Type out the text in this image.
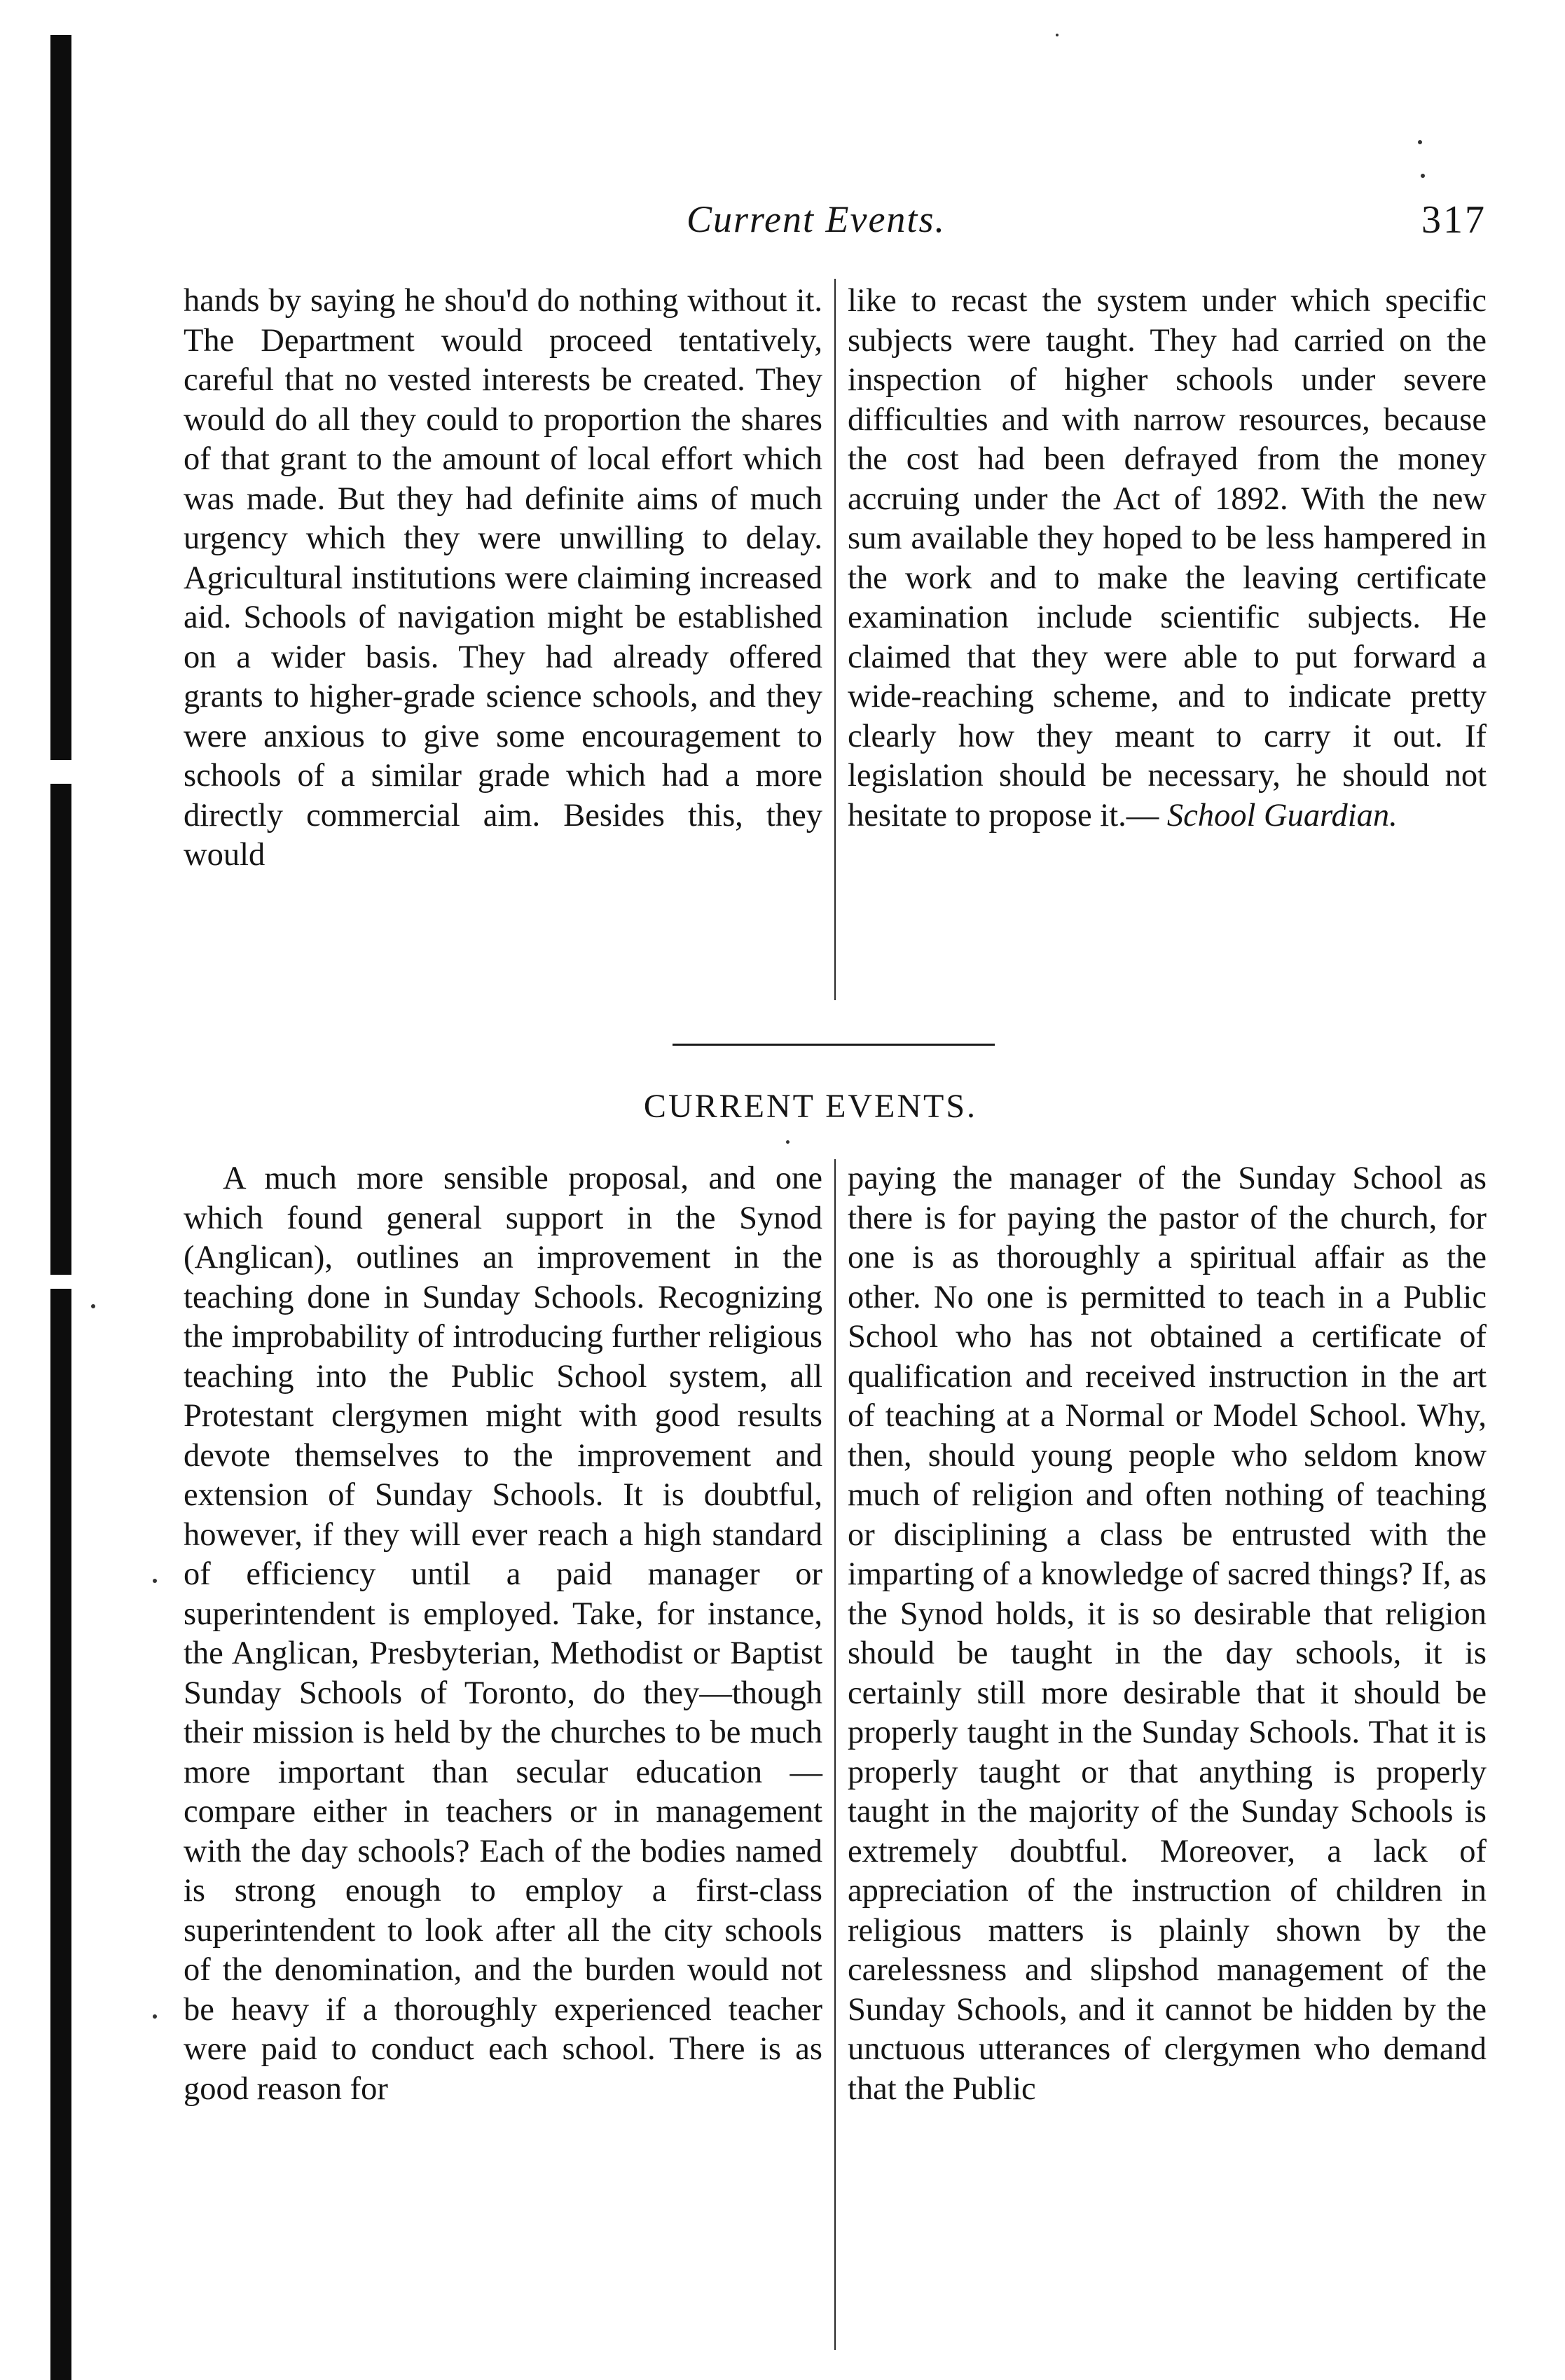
Current Events.	317

hands by saying he shou'd do nothing without it. The Department would proceed tentatively, careful that no vested interests be created. They would do all they could to proportion the shares of that grant to the amount of local effort which was made. But they had definite aims of much urgency which they were unwilling to delay. Agricultural institutions were claiming increased aid. Schools of navigation might be established on a wider basis. They had already offered grants to higher-grade science schools, and they were anxious to give some encouragement to schools of a similar grade which had a more directly commercial aim. Besides this, they would

like to recast the system under which specific subjects were taught. They had carried on the inspection of higher schools under severe difficulties and with narrow resources, because the cost had been defrayed from the money accruing under the Act of 1892. With the new sum available they hoped to be less hampered in the work and to make the leaving certificate examination include scientific subjects. He claimed that they were able to put forward a wide-reaching scheme, and to indicate pretty clearly how they meant to carry it out. If legislation should be necessary, he should not hesitate to propose it.— School Guardian.

CURRENT EVENTS.

A much more sensible proposal, and one which found general support in the Synod (Anglican), outlines an improvement in the teaching done in Sunday Schools. Recognizing the improbability of introducing further religious teaching into the Public School system, all Protestant clergymen might with good results devote themselves to the improvement and extension of Sunday Schools. It is doubtful, however, if they will ever reach a high standard of efficiency until a paid manager or superintendent is employed. Take, for instance, the Anglican, Presbyterian, Methodist or Baptist Sunday Schools of Toronto, do they—though their mission is held by the churches to be much more important than secular education — compare either in teachers or in management with the day schools? Each of the bodies named is strong enough to employ a first-class superintendent to look after all the city schools of the denomination, and the burden would not be heavy if a thoroughly experienced teacher were paid to conduct each school. There is as good reason for

paying the manager of the Sunday School as there is for paying the pastor of the church, for one is as thoroughly a spiritual affair as the other. No one is permitted to teach in a Public School who has not obtained a certificate of qualification and received instruction in the art of teaching at a Normal or Model School. Why, then, should young people who seldom know much of religion and often nothing of teaching or disciplining a class be entrusted with the imparting of a knowledge of sacred things? If, as the Synod holds, it is so desirable that religion should be taught in the day schools, it is certainly still more desirable that it should be properly taught in the Sunday Schools. That it is properly taught or that anything is properly taught in the majority of the Sunday Schools is extremely doubtful. Moreover, a lack of appreciation of the instruction of children in religious matters is plainly shown by the carelessness and slipshod management of the Sunday Schools, and it cannot be hidden by the unctuous utterances of clergymen who demand that the Public
